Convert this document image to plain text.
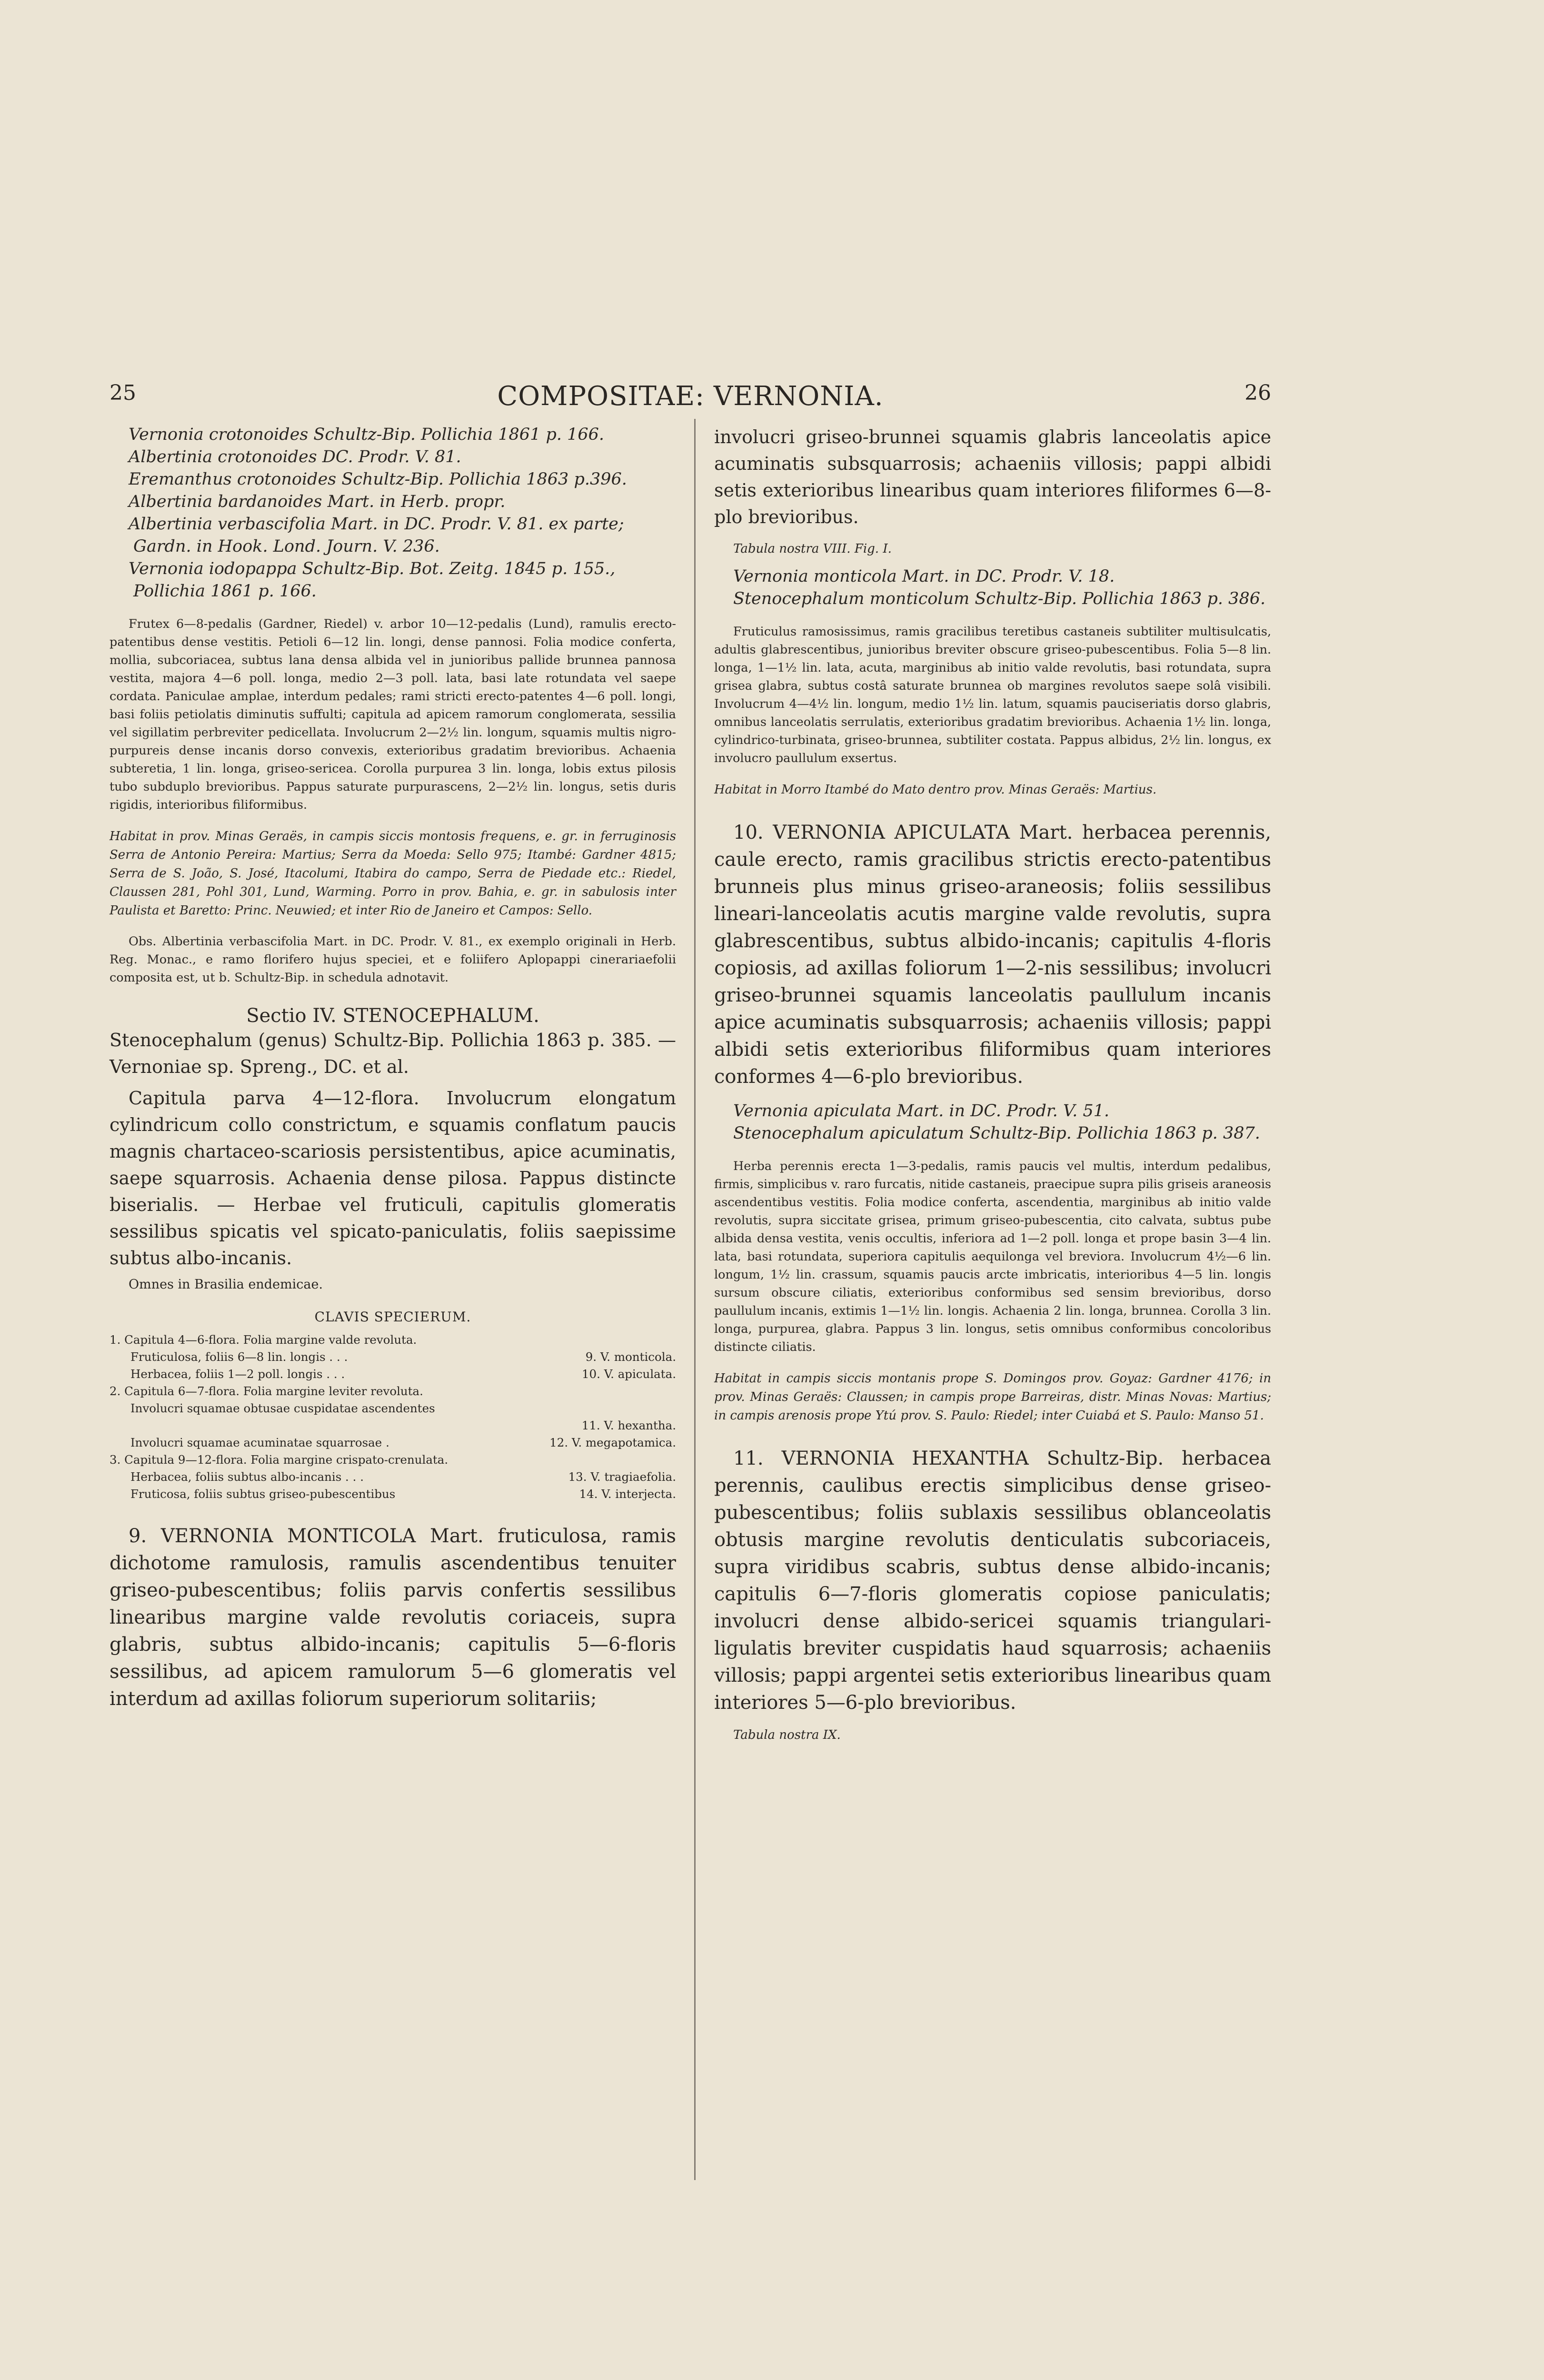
25	COMPOSITAE: VERNONIA.	26
Vernonia crotonoides Schultz-Bip. Pollichia 1861 p. 166.
Albertinia crotonoides DC. Prodr. V. 81.
Eremanthus crotonoides Schultz-Bip. Pollichia 1863 p.396.
Albertinia bardanoides Mart. in Herb. propr.
Albertinia verbascifolia Mart. in DC. Prodr. V. 81. ex parte; Gardn. in Hook. Lond. Journ. V. 236.
Vernonia iodopappa Schultz-Bip. Bot. Zeitg. 1845 p. 155., Pollichia 1861 p. 166.

Frutex 6—8-pedalis (Gardner, Riedel) v. arbor 10—12-pedalis (Lund), ramulis erecto-patentibus dense vestitis. Petioli 6—12 lin. longi, dense pannosi. Folia modice conferta, mollia, subcoriacea, subtus lana densa albida vel in junioribus pallide brunnea pannosa vestita, majora 4—6 poll. longa, medio 2—3 poll. lata, basi late rotundata vel saepe cordata. Paniculae amplae, interdum pedales; rami stricti erecto-patentes 4—6 poll. longi, basi foliis petiolatis diminutis suffulti; capitula ad apicem ramorum conglomerata, sessilia vel sigillatim perbreviter pedicellata. Involucrum 2—2½ lin. longum, squamis multis nigro-purpureis dense incanis dorso convexis, exterioribus gradatim brevioribus. Achaenia subteretia, 1 lin. longa, griseo-sericea. Corolla purpurea 3 lin. longa, lobis extus pilosis tubo subduplo brevioribus. Pappus saturate purpurascens, 2—2½ lin. longus, setis duris rigidis, interioribus filiformibus.

Habitat in prov. Minas Geraës, in campis siccis montosis frequens, e. gr. in ferruginosis Serra de Antonio Pereira: Martius; Serra da Moeda: Sello 975; Itambé: Gardner 4815; Serra de S. João, S. José, Itacolumi, Itabira do campo, Serra de Piedade etc.: Riedel, Claussen 281, Pohl 301, Lund, Warming. Porro in prov. Bahia, e. gr. in sabulosis inter Paulista et Baretto: Princ. Neuwied; et inter Rio de Janeiro et Campos: Sello.
Obs. Albertinia verbascifolia Mart. in DC. Prodr. V. 81., ex exemplo originali in Herb. Reg. Monac., e ramo florifero hujus speciei, et e foliifero Aplopappi cinerariaefolii composita est, ut b. Schultz-Bip. in schedula adnotavit.
Sectio IV. STENOCEPHALUM.
Stenocephalum (genus) Schultz-Bip. Pollichia 1863 p. 385. — Vernoniae sp. Spreng., DC. et al.
Capitula parva 4—12-flora. Involucrum elongatum cylindricum collo constrictum, e squamis conflatum paucis magnis chartaceo-scariosis persistentibus, apice acuminatis, saepe squarrosis. Achaenia dense pilosa. Pappus distincte biserialis. — Herbae vel fruticuli, capitulis glomeratis sessilibus spicatis vel spicato-paniculatis, foliis saepissime subtus albo-incanis.
Omnes in Brasilia endemicae.
CLAVIS SPECIERUM.
1. Capitula 4—6-flora. Folia margine valde revoluta.
Fruticulosa, foliis 6—8 lin. longis . . .	9. V. monticola.
Herbacea, foliis 1—2 poll. longis . . .	10. V. apiculata.
2. Capitula 6—7-flora. Folia margine leviter revoluta.
Involucri squamae obtusae cuspidatae ascendentes
11. V. hexantha.
Involucri squamae acuminatae squarrosae .	12. V. megapotamica.
3. Capitula 9—12-flora. Folia margine crispato-crenulata.
Herbacea, foliis subtus albo-incanis . . .	13. V. tragiaefolia.
Fruticosa, foliis subtus griseo-pubescentibus	14. V. interjecta.
9. VERNONIA MONTICOLA Mart. fruticulosa, ramis dichotome ramulosis, ramulis ascendentibus tenuiter griseo-pubescentibus; foliis parvis confertis sessilibus linearibus margine valde revolutis coriaceis, supra glabris, subtus albido-incanis; capitulis 5—6-floris sessilibus, ad apicem ramulorum 5—6 glomeratis vel interdum ad axillas foliorum superiorum solitariis;
involucri griseo-brunnei squamis glabris lanceolatis apice acuminatis subsquarrosis; achaeniis villosis; pappi albidi setis exterioribus linearibus quam interiores filiformes 6—8-plo brevioribus.
Tabula nostra VIII. Fig. I.
Vernonia monticola Mart. in DC. Prodr. V. 18.
Stenocephalum monticolum Schultz-Bip. Pollichia 1863 p. 386.

Fruticulus ramosissimus, ramis gracilibus teretibus castaneis subtiliter multisulcatis, adultis glabrescentibus, junioribus breviter obscure griseo-pubescentibus. Folia 5—8 lin. longa, 1—1½ lin. lata, acuta, marginibus ab initio valde revolutis, basi rotundata, supra grisea glabra, subtus costâ saturate brunnea ob margines revolutos saepe solâ visibili. Involucrum 4—4½ lin. longum, medio 1½ lin. latum, squamis pauciseriatis dorso glabris, omnibus lanceolatis serrulatis, exterioribus gradatim brevioribus. Achaenia 1½ lin. longa, cylindrico-turbinata, griseo-brunnea, subtiliter costata. Pappus albidus, 2½ lin. longus, ex involucro paullulum exsertus.

Habitat in Morro Itambé do Mato dentro prov. Minas Geraës: Martius.
10. VERNONIA APICULATA Mart. herbacea perennis, caule erecto, ramis gracilibus strictis erecto-patentibus brunneis plus minus griseo-araneosis; foliis sessilibus lineari-lanceolatis acutis margine valde revolutis, supra glabrescentibus, subtus albido-incanis; capitulis 4-floris copiosis, ad axillas foliorum 1—2-nis sessilibus; involucri griseo-brunnei squamis lanceolatis paullulum incanis apice acuminatis subsquarrosis; achaeniis villosis; pappi albidi setis exterioribus filiformibus quam interiores conformes 4—6-plo brevioribus.
Vernonia apiculata Mart. in DC. Prodr. V. 51.
Stenocephalum apiculatum Schultz-Bip. Pollichia 1863 p. 387.

Herba perennis erecta 1—3-pedalis, ramis paucis vel multis, interdum pedalibus, firmis, simplicibus v. raro furcatis, nitide castaneis, praecipue supra pilis griseis araneosis ascendentibus vestitis. Folia modice conferta, ascendentia, marginibus ab initio valde revolutis, supra siccitate grisea, primum griseo-pubescentia, cito calvata, subtus pube albida densa vestita, venis occultis, inferiora ad 1—2 poll. longa et prope basin 3—4 lin. lata, basi rotundata, superiora capitulis aequilonga vel breviora. Involucrum 4½—6 lin. longum, 1½ lin. crassum, squamis paucis arcte imbricatis, interioribus 4—5 lin. longis sursum obscure ciliatis, exterioribus conformibus sed sensim brevioribus, dorso paullulum incanis, extimis 1—1½ lin. longis. Achaenia 2 lin. longa, brunnea. Corolla 3 lin. longa, purpurea, glabra. Pappus 3 lin. longus, setis omnibus conformibus concoloribus distincte ciliatis.

Habitat in campis siccis montanis prope S. Domingos prov. Goyaz: Gardner 4176; in prov. Minas Geraës: Claussen; in campis prope Barreiras, distr. Minas Novas: Martius; in campis arenosis prope Ytú prov. S. Paulo: Riedel; inter Cuiabá et S. Paulo: Manso 51.
11. VERNONIA HEXANTHA Schultz-Bip. herbacea perennis, caulibus erectis simplicibus dense griseo-pubescentibus; foliis sublaxis sessilibus oblanceolatis obtusis margine revolutis denticulatis subcoriaceis, supra viridibus scabris, subtus dense albido-incanis; capitulis 6—7-floris glomeratis copiose paniculatis; involucri dense albido-sericei squamis triangulari-ligulatis breviter cuspidatis haud squarrosis; achaeniis villosis; pappi argentei setis exterioribus linearibus quam interiores 5—6-plo brevioribus.
Tabula nostra IX.
